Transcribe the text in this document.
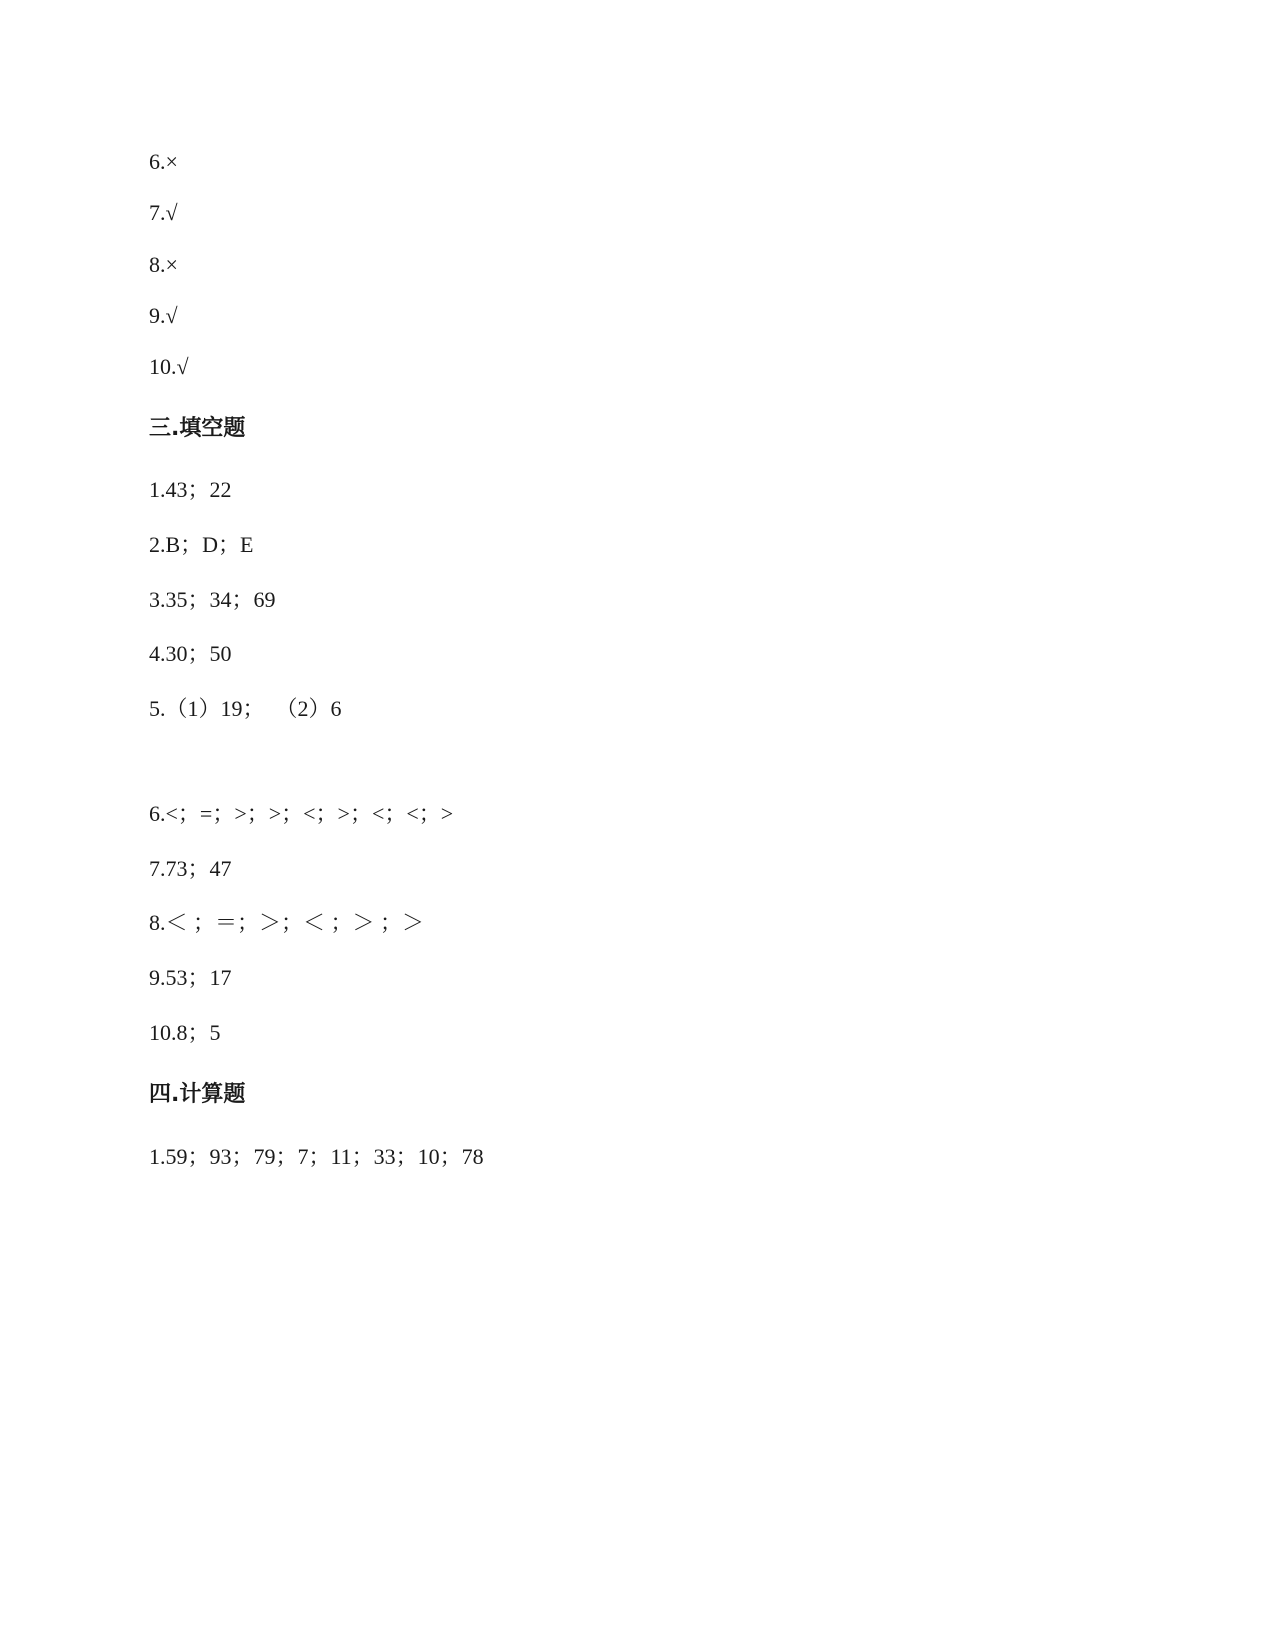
6.×
7.√
8.×
9.√
10.√
三.填空题
1.43；22
2.B；D；E
3.35；34；69
4.30；50
5.（1）19；  （2）6
6.<；=；>；>；<；>；<；<；>
7.73；47
8.＜ ；＝；＞；＜ ；＞ ；＞
9.53；17
10.8；5
四.计算题
1.59；93；79；7；11；33；10；78
